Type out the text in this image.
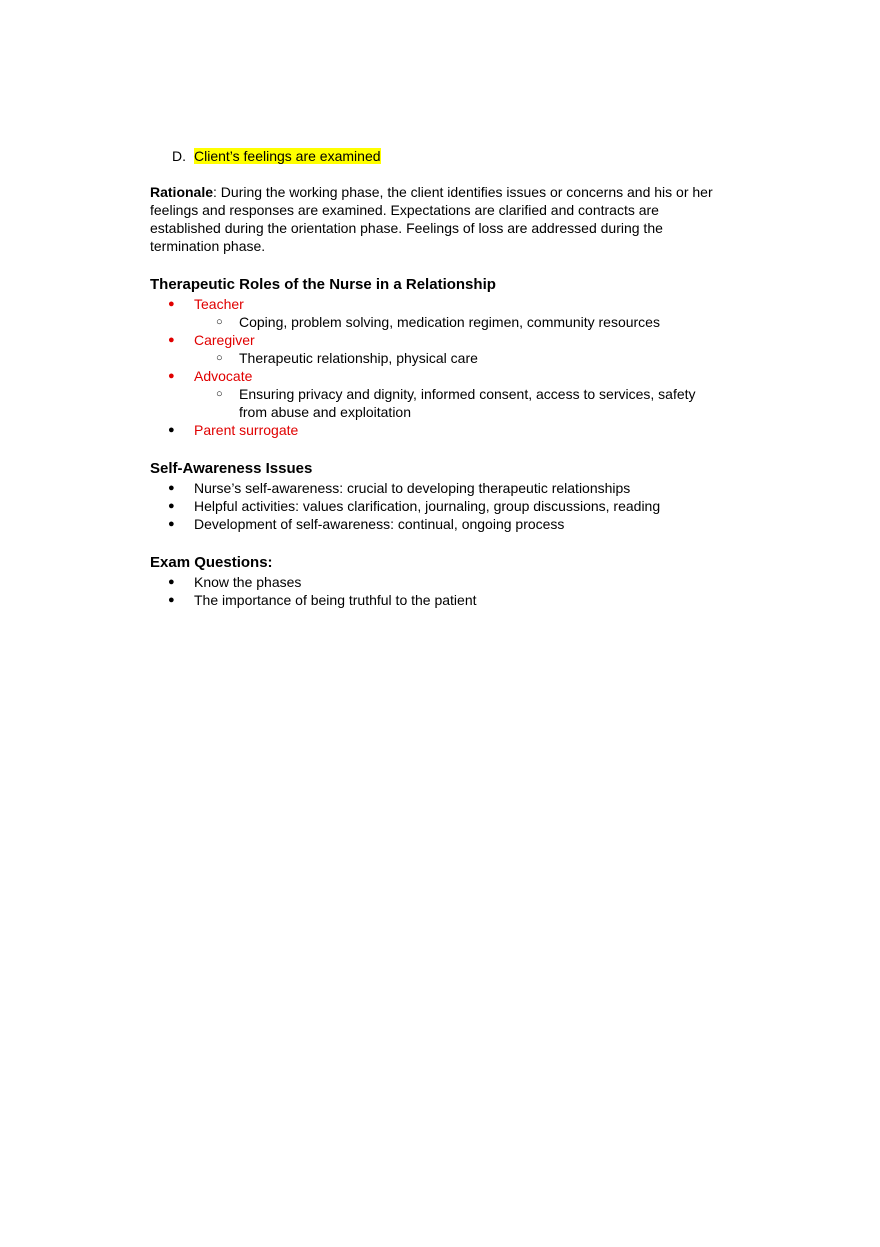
D. Client’s feelings are examined
Rationale: During the working phase, the client identifies issues or concerns and his or her feelings and responses are examined. Expectations are clarified and contracts are established during the orientation phase. Feelings of loss are addressed during the termination phase.
Therapeutic Roles of the Nurse in a Relationship
● Teacher
○ Coping, problem solving, medication regimen, community resources
● Caregiver
○ Therapeutic relationship, physical care
● Advocate
○ Ensuring privacy and dignity, informed consent, access to services, safety from abuse and exploitation
● Parent surrogate
Self-Awareness Issues
● Nurse’s self-awareness: crucial to developing therapeutic relationships
● Helpful activities: values clarification, journaling, group discussions, reading
● Development of self-awareness: continual, ongoing process
Exam Questions:
● Know the phases
● The importance of being truthful to the patient
